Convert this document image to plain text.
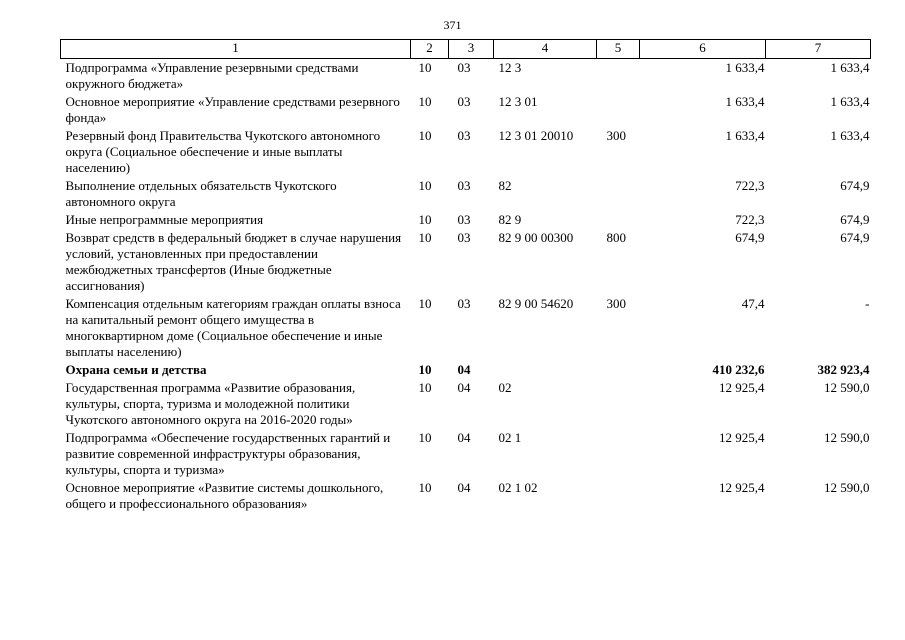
371
1	2	3	4	5	6	7
Подпрограмма «Управление резервными средствами окружного бюджета»	10	03	12 3		1 633,4	1 633,4
Основное мероприятие «Управление средствами резервного фонда»	10	03	12 3 01		1 633,4	1 633,4
Резервный фонд Правительства Чукотского автономного округа (Социальное обеспечение и иные выплаты населению)	10	03	12 3 01 20010	300	1 633,4	1 633,4
Выполнение отдельных обязательств Чукотского автономного округа	10	03	82		722,3	674,9
Иные непрограммные мероприятия	10	03	82 9		722,3	674,9
Возврат средств в федеральный бюджет в случае нарушения условий, установленных при предоставлении межбюджетных трансфертов (Иные бюджетные ассигнования)	10	03	82 9 00 00300	800	674,9	674,9
Компенсация отдельным категориям граждан оплаты взноса на капитальный ремонт общего имущества в многоквартирном доме (Социальное обеспечение и иные выплаты населению)	10	03	82 9 00 54620	300	47,4	-
Охрана семьи и детства	10	04			410 232,6	382 923,4
Государственная программа «Развитие образования, культуры, спорта, туризма и молодежной политики Чукотского автономного округа на 2016-2020 годы»	10	04	02		12 925,4	12 590,0
Подпрограмма «Обеспечение государственных гарантий и развитие современной инфраструктуры образования, культуры, спорта и туризма»	10	04	02 1		12 925,4	12 590,0
Основное мероприятие «Развитие системы дошкольного, общего и профессионального образования»	10	04	02 1 02		12 925,4	12 590,0
